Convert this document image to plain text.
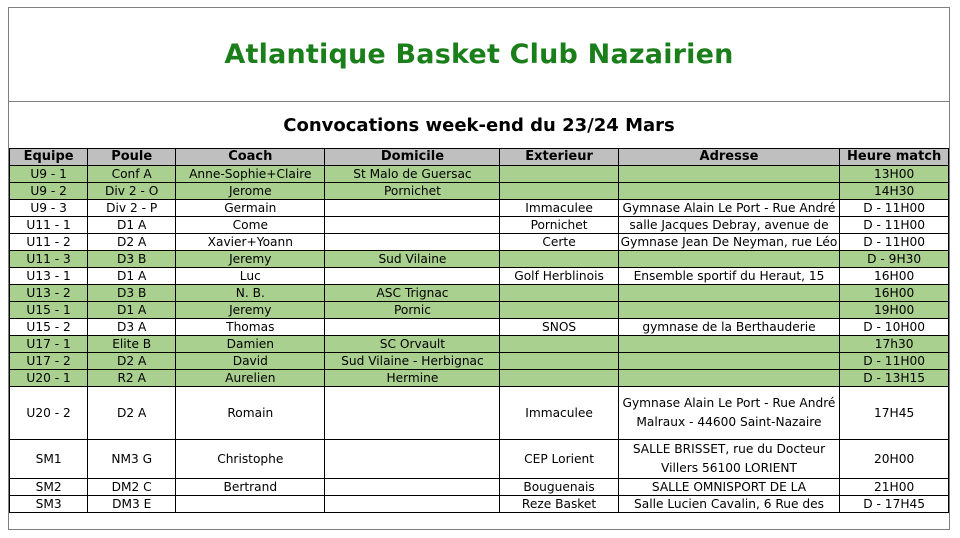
Atlantique Basket Club Nazairien
Convocations week-end du 23/24 Mars
Equipe	Poule	Coach	Domicile	Exterieur	Adresse	Heure match
U9 - 1	Conf A	Anne-Sophie+Claire	St Malo de Guersac			13H00
U9 - 2	Div 2 - O	Jerome	Pornichet			14H30
U9 - 3	Div 2 - P	Germain		Immaculee	Gymnase Alain Le Port - Rue André	D - 11H00
U11 - 1	D1 A	Come		Pornichet	salle Jacques Debray, avenue de	D - 11H00
U11 - 2	D2 A	Xavier+Yoann		Certe	Gymnase Jean De Neyman, rue Léo	D - 11H00
U11 - 3	D3 B	Jeremy	Sud Vilaine			D - 9H30
U13 - 1	D1 A	Luc		Golf Herblinois	Ensemble sportif du Heraut, 15	16H00
U13 - 2	D3 B	N. B.	ASC Trignac			16H00
U15 - 1	D1 A	Jeremy	Pornic			19H00
U15 - 2	D3 A	Thomas		SNOS	gymnase de la Berthauderie	D - 10H00
U17 - 1	Elite B	Damien	SC Orvault			17h30
U17 - 2	D2 A	David	Sud Vilaine - Herbignac			D - 11H00
U20 - 1	R2 A	Aurelien	Hermine			D - 13H15
U20 - 2	D2 A	Romain		Immaculee	Gymnase Alain Le Port - Rue André Malraux - 44600 Saint-Nazaire	17H45
SM1	NM3 G	Christophe		CEP Lorient	SALLE BRISSET, rue du Docteur Villers 56100 LORIENT	20H00
SM2	DM2 C	Bertrand		Bouguenais	SALLE OMNISPORT DE LA	21H00
SM3	DM3 E			Reze Basket	Salle Lucien Cavalin, 6 Rue des	D - 17H45
